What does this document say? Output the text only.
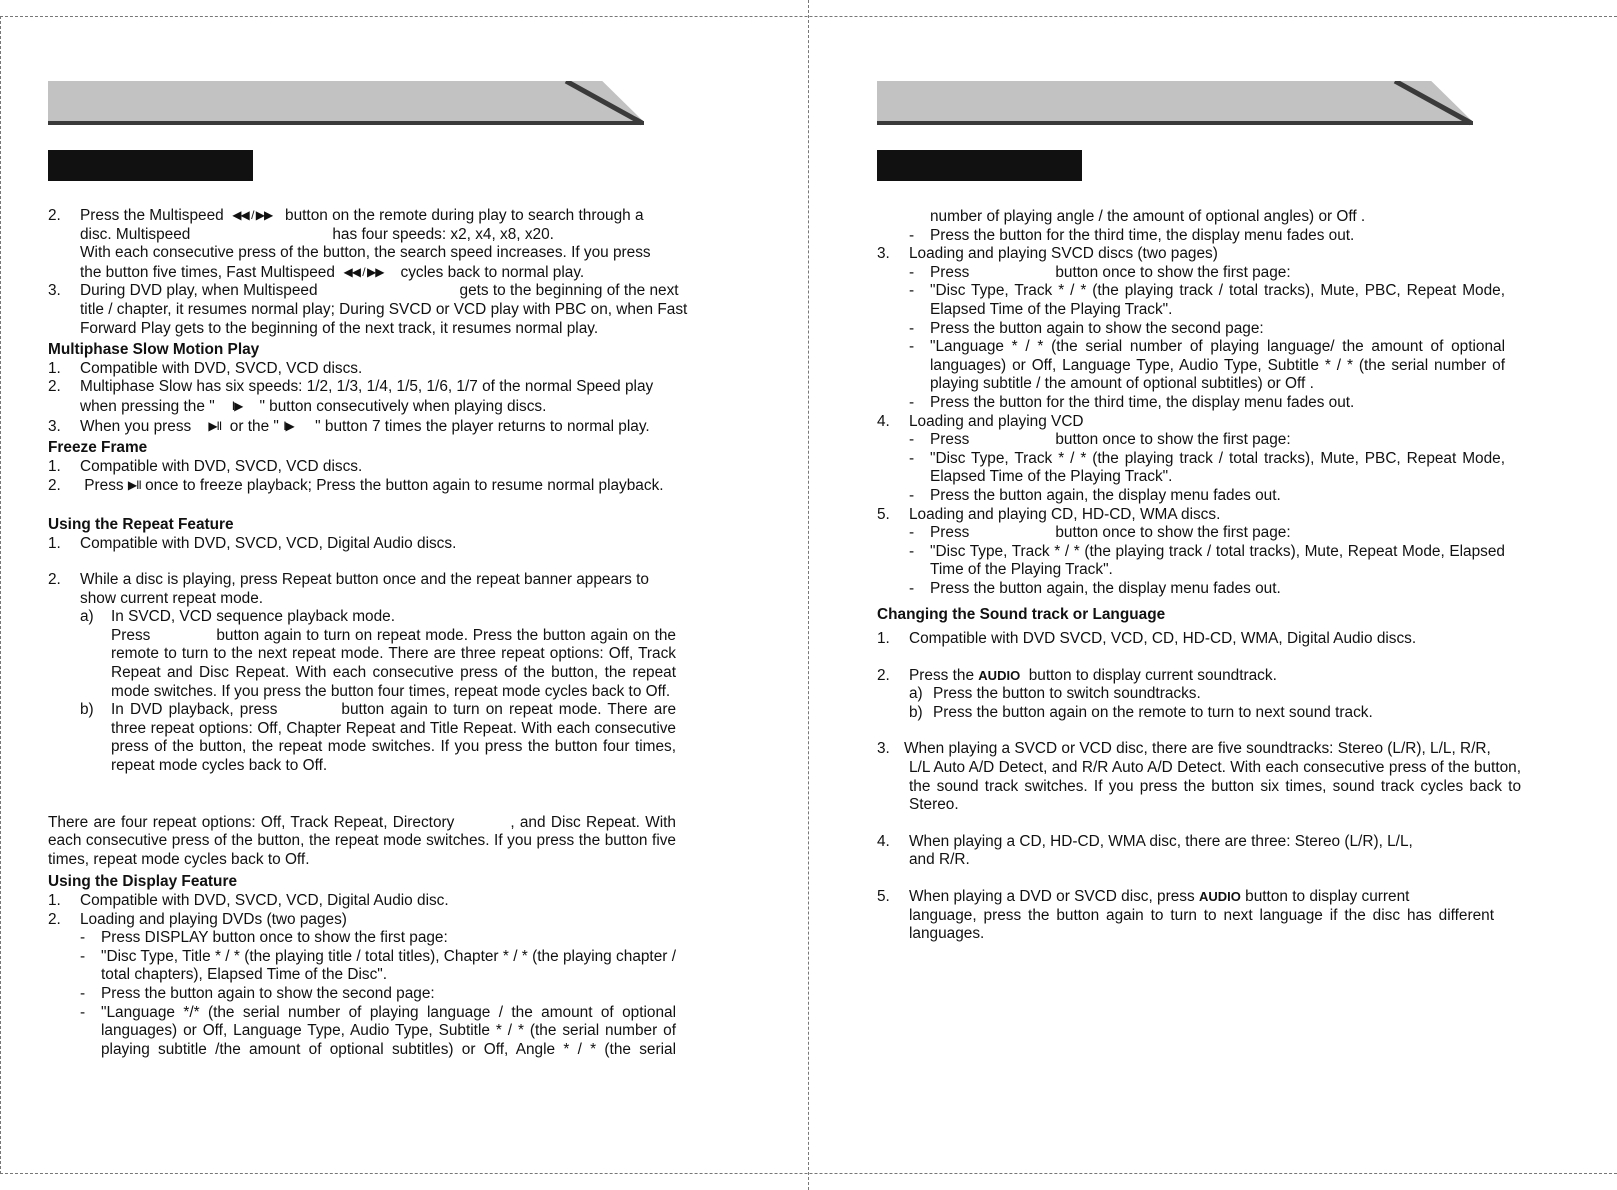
2. Press the Multispeed ◀◀ / ▶▶ button on the remote during play to search through a

disc. Multispeed	has four speeds: x2, x4, x8, x20.

With each consecutive press of the button, the search speed increases. If you press

the button five times, Fast Multispeed ◀◀ / ▶▶ cycles back to normal play.

3. During DVD play, when Multispeed	gets to the beginning of the next

title / chapter, it resumes normal play; During SVCD or VCD play with PBC on, when Fast

Forward Play gets to the beginning of the next track, it resumes normal play.

Multiphase Slow Motion Play

1. Compatible with DVD, SVCD, VCD discs.

2. Multiphase Slow has six speeds: 1/2, 1/3, 1/4, 1/5, 1/6, 1/7 of the normal Speed play

when pressing the " I▶ " button consecutively when playing discs.

3. When you press ▶II or the " I▶ " button 7 times the player returns to normal play.

Freeze Frame

1. Compatible with DVD, SVCD, VCD discs.

2. Press ▶II once to freeze playback; Press the button again to resume normal playback.

Using the Repeat Feature

1. Compatible with DVD, SVCD, VCD, Digital Audio discs.

2. While a disc is playing, press Repeat button once and the repeat banner appears to

show current repeat mode.

a) In SVCD, VCD sequence playback mode.

Press	button again to turn on repeat mode. Press the button again on the remote to turn to the next repeat mode. There are three repeat options: Off, Track Repeat and Disc Repeat. With each consecutive press of the button, the repeat mode switches. If you press the button four times, repeat mode cycles back to Off.

b)	In DVD playback, press	button again to turn on repeat mode. There are three repeat options: Off, Chapter Repeat and Title Repeat. With each consecutive press of the button, the repeat mode switches. If you press the button four times, repeat mode cycles back to Off.

There are four repeat options: Off, Track Repeat, Directory	, and Disc Repeat. With each consecutive press of the button, the repeat mode switches. If you press the button five times, repeat mode cycles back to Off.

Using the Display Feature

1. Compatible with DVD, SVCD, VCD, Digital Audio disc.

2. Loading and playing DVDs (two pages)

- Press DISPLAY button once to show the first page:

- "Disc Type, Title * / * (the playing title / total titles), Chapter * / * (the playing chapter / total chapters), Elapsed Time of the Disc".

- Press the button again to show the second page:

- "Language */* (the serial number of playing language / the amount of optional languages) or Off, Language Type, Audio Type, Subtitle * / * (the serial number of playing subtitle /the amount of optional subtitles) or Off, Angle * / * (the serial

number of playing angle / the amount of optional angles) or Off .

- Press the button for the third time, the display menu fades out.

3. Loading and playing SVCD discs (two pages)

- Press	button once to show the first page:

- "Disc Type, Track * / * (the playing track / total tracks), Mute, PBC, Repeat Mode, Elapsed Time of the Playing Track".

- Press the button again to show the second page:

- "Language * / * (the serial number of playing language/ the amount of optional languages) or Off, Language Type, Audio Type, Subtitle * / * (the serial number of playing subtitle / the amount of optional subtitles) or Off .

- Press the button for the third time, the display menu fades out.

4. Loading and playing VCD

- Press	button once to show the first page:

- "Disc Type, Track * / * (the playing track / total tracks), Mute, PBC, Repeat Mode, Elapsed Time of the Playing Track".

- Press the button again, the display menu fades out.

5. Loading and playing CD, HD-CD, WMA discs.

- Press	button once to show the first page:

- "Disc Type, Track * / * (the playing track / total tracks), Mute, Repeat Mode, Elapsed Time of the Playing Track".

- Press the button again, the display menu fades out.

Changing the Sound track or Language

1. Compatible with DVD SVCD, VCD, CD, HD-CD, WMA, Digital Audio discs.

2. Press the AUDIO button to display current soundtrack.

a) Press the button to switch soundtracks.

b) Press the button again on the remote to turn to next sound track.

3. When playing a SVCD or VCD disc, there are five soundtracks: Stereo (L/R), L/L, R/R,

L/L Auto A/D Detect, and R/R Auto A/D Detect. With each consecutive press of the button, the sound track switches. If you press the button six times, sound track cycles back to Stereo.

4. When playing a CD, HD-CD, WMA disc, there are three: Stereo (L/R), L/L,

and R/R.

5. When playing a DVD or SVCD disc, press AUDIO button to display current

language, press the button again to turn to next language if the disc has different languages.
